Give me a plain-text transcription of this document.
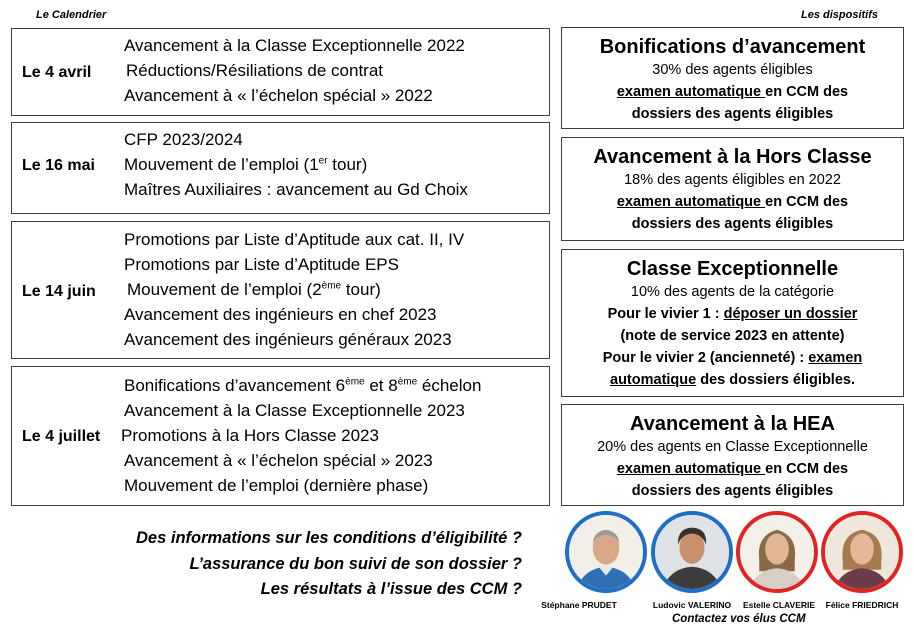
Le Calendrier	Les dispositifs
Le 4 avril
Avancement à la Classe Exceptionnelle 2022
Réductions/Résiliations de contrat
Avancement à « l’échelon spécial » 2022
Le 16 mai
CFP 2023/2024
Mouvement de l’emploi (1er tour)
Maîtres Auxiliaires : avancement au Gd Choix
Le 14 juin
Promotions par Liste d’Aptitude aux cat. II, IV
Promotions par Liste d’Aptitude EPS
Mouvement de l’emploi (2ème tour)
Avancement des ingénieurs en chef 2023
Avancement des ingénieurs généraux 2023
Le 4 juillet
Bonifications d’avancement 6ème et 8ème échelon
Avancement à la Classe Exceptionnelle 2023
Promotions à la Hors Classe 2023
Avancement à « l’échelon spécial » 2023
Mouvement de l’emploi (dernière phase)
Bonifications d’avancement
30% des agents éligibles
examen automatique en CCM des
dossiers des agents éligibles
Avancement à la Hors Classe
18% des agents éligibles en 2022
examen automatique en CCM des
dossiers des agents éligibles
Classe Exceptionnelle
10% des agents de la catégorie
Pour le vivier 1 : déposer un dossier
(note de service 2023 en attente)
Pour le vivier 2 (ancienneté) : examen
automatique des dossiers éligibles.
Avancement à la HEA
20% des agents en Classe Exceptionnelle
examen automatique en CCM des
dossiers des agents éligibles
Des informations sur les conditions d’éligibilité ?
L’assurance du bon suivi de son dossier ?
Les résultats à l’issue des CCM ?
Stéphane PRUDET	Ludovic VALERINO	Estelle CLAVERIE	Félice FRIEDRICH
Contactez vos élus CCM
